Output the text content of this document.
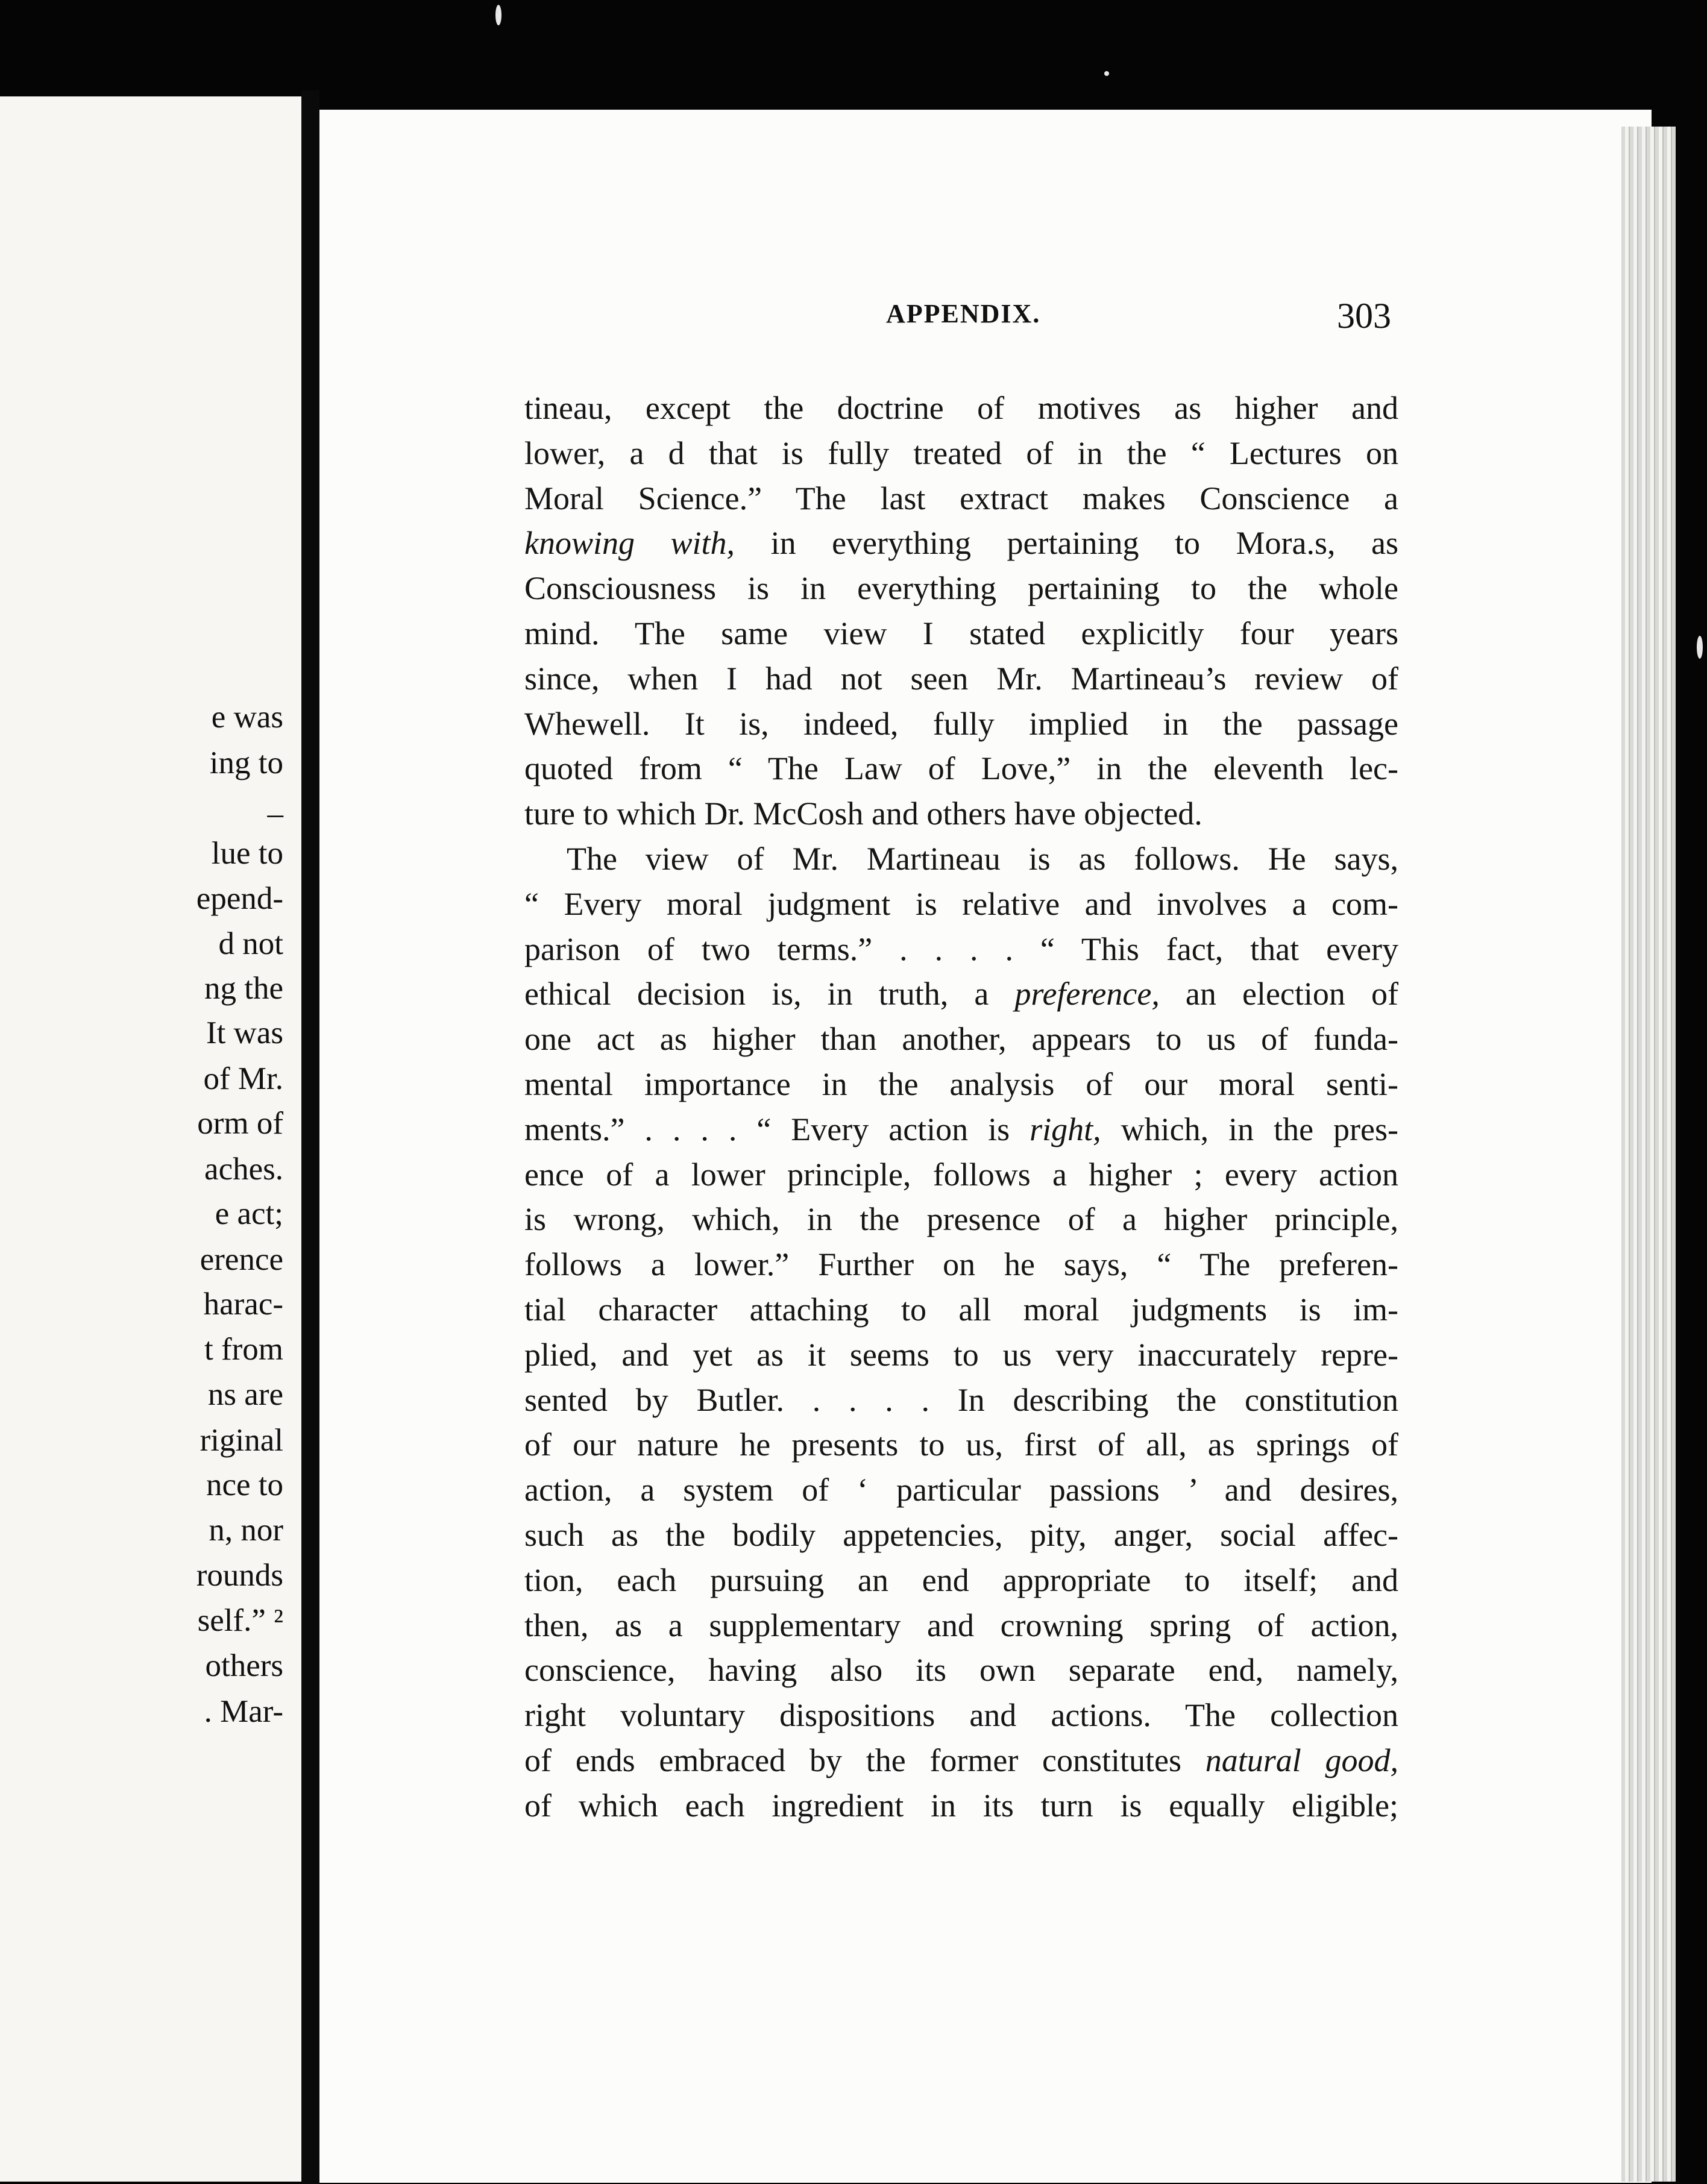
e was
ing to
–
lue to
epend-
d not
ng the
It was
of Mr.
orm of
aches.
e act;
erence
harac-
t from
ns are
riginal
nce to
n, nor
rounds
self.” ²
others
. Mar-
APPENDIX.	303
tineau, except the doctrine of motives as higher and
lower, a d that is fully treated of in the “ Lectures on
Moral Science.” The last extract makes Conscience a
knowing with, in everything pertaining to Mora.s, as
Consciousness is in everything pertaining to the whole
mind. The same view I stated explicitly four years
since, when I had not seen Mr. Martineau’s review of
Whewell. It is, indeed, fully implied in the passage
quoted from “ The Law of Love,” in the eleventh lec-
ture to which Dr. McCosh and others have objected.
The view of Mr. Martineau is as follows. He says,
“ Every moral judgment is relative and involves a com-
parison of two terms.” . . . . “ This fact, that every
ethical decision is, in truth, a preference, an election of
one act as higher than another, appears to us of funda-
mental importance in the analysis of our moral senti-
ments.” . . . . “ Every action is right, which, in the pres-
ence of a lower principle, follows a higher ; every action
is wrong, which, in the presence of a higher principle,
follows a lower.” Further on he says, “ The preferen-
tial character attaching to all moral judgments is im-
plied, and yet as it seems to us very inaccurately repre-
sented by Butler. . . . . In describing the constitution
of our nature he presents to us, first of all, as springs of
action, a system of ‘ particular passions ’ and desires,
such as the bodily appetencies, pity, anger, social affec-
tion, each pursuing an end appropriate to itself; and
then, as a supplementary and crowning spring of action,
conscience, having also its own separate end, namely,
right voluntary dispositions and actions. The collection
of ends embraced by the former constitutes natural good,
of which each ingredient in its turn is equally eligible;
